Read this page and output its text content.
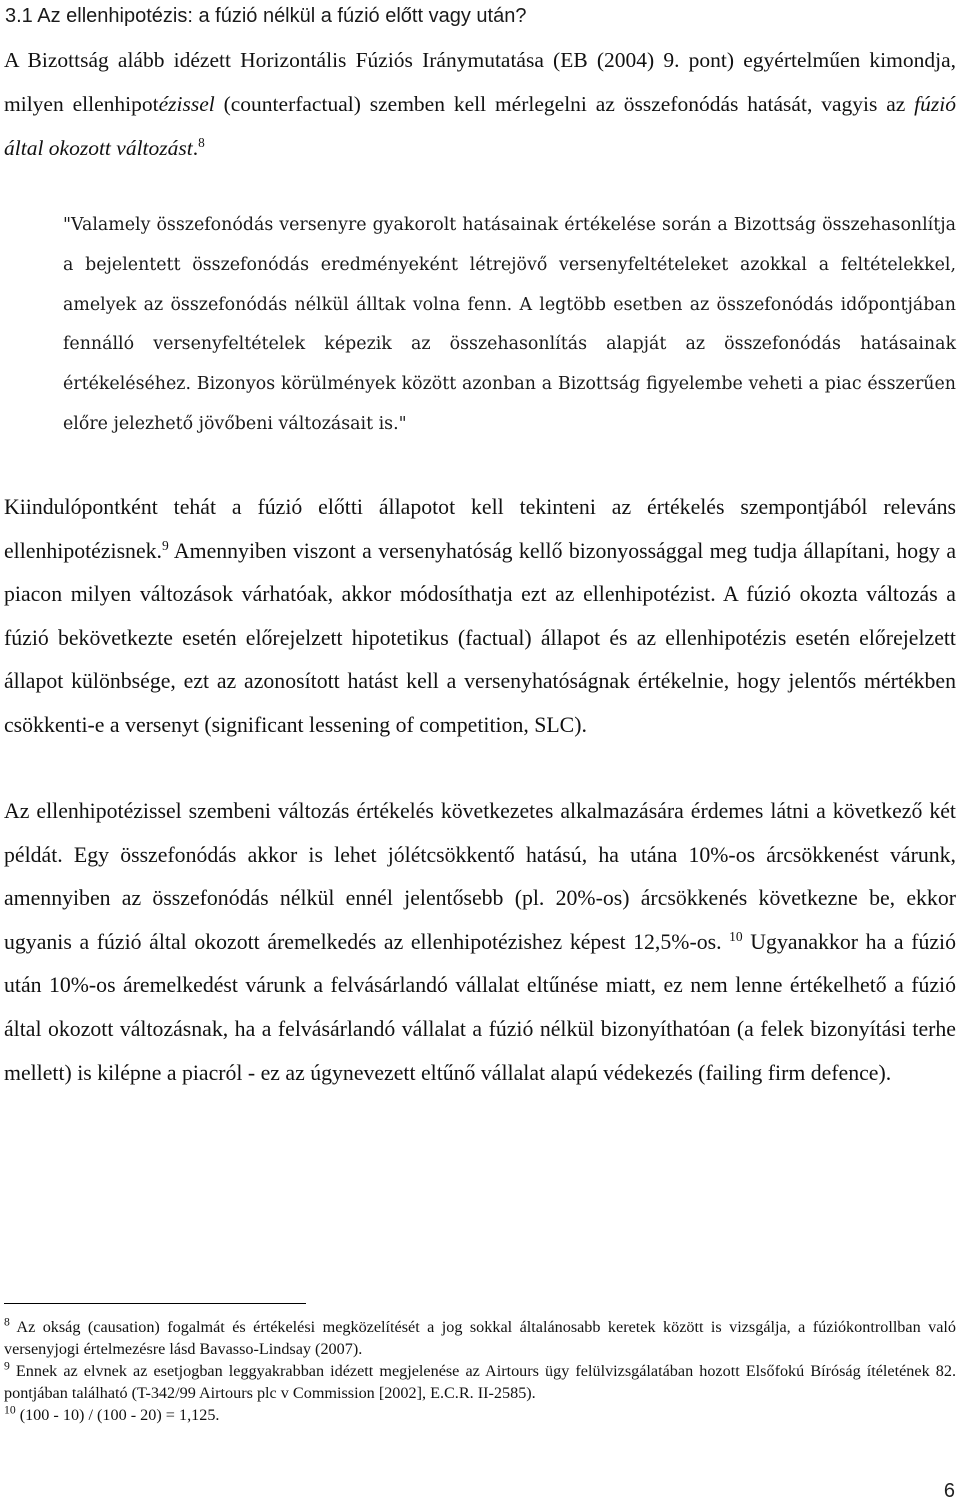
3.1 Az ellenhipotézis: a fúzió nélkül a fúzió előtt vagy után?

A Bizottság alább idézett Horizontális Fúziós Iránymutatása (EB (2004) 9. pont) egyértelműen kimondja, milyen ellenhipotézissel (counterfactual) szemben kell mérlegelni az összefonódás hatását, vagyis az fúzió által okozott változást.$^8$

"Valamely összefonódás versenyre gyakorolt hatásainak értékelése során a Bizottság összehasonlítja a bejelentett összefonódás eredményeként létrejövő versenyfeltételeket azokkal a feltételekkel, amelyek az összefonódás nélkül álltak volna fenn. A legtöbb esetben az összefonódás időpontjában fennálló versenyfeltételek képezik az összehasonlítás alapját az összefonódás hatásainak értékeléséhez. Bizonyos körülmények között azonban a Bizottság figyelembe veheti a piac ésszerűen előre jelezhető jövőbeni változásait is."

Kiindulópontként tehát a fúzió előtti állapotot kell tekinteni az értékelés szempontjából releváns ellenhipotézisnek.$^9$ Amennyiben viszont a versenyhatóság kellő bizonyossággal meg tudja állapítani, hogy a piacon milyen változások várhatóak, akkor módosíthatja ezt az ellenhipotézist. A fúzió okozta változás a fúzió bekövetkezte esetén előrejelzett hipotetikus (factual) állapot és az ellenhipotézis esetén előrejelzett állapot különbsége, ezt az azonosított hatást kell a versenyhatóságnak értékelnie, hogy jelentős mértékben csökkenti-e a versenyt (significant lessening of competition, SLC).

Az ellenhipotézissel szembeni változás értékelés következetes alkalmazására érdemes látni a következő két példát. Egy összefonódás akkor is lehet jólétcsökkentő hatású, ha utána 10%-os árcsökkenést várunk, amennyiben az összefonódás nélkül ennél jelentősebb (pl. 20%-os) árcsökkenés következne be, ekkor ugyanis a fúzió által okozott áremelkedés az ellenhipotézishez képest 12,5%-os. $^{10}$ Ugyanakkor ha a fúzió után 10%-os áremelkedést várunk a felvásárlandó vállalat eltűnése miatt, ez nem lenne értékelhető a fúzió által okozott változásnak, ha a felvásárlandó vállalat a fúzió nélkül bizonyíthatóan (a felek bizonyítási terhe mellett) is kilépne a piacról - ez az úgynevezett eltűnő vállalat alapú védekezés (failing firm defence).

$^8$ Az okság (causation) fogalmát és értékelési megközelítését a jog sokkal általánosabb keretek között is vizsgálja, a fúziókontrollban való versenyjogi értelmezésre lásd Bavasso-Lindsay (2007).

$^9$ Ennek az elvnek az esetjogban leggyakrabban idézett megjelenése az Airtours ügy felülvizsgálatában hozott Elsőfokú Bíróság ítéletének 82. pontjában található (T-342/99 Airtours plc v Commission [2002], E.C.R. II-2585).

$^{10}$ (100 - 10) / (100 - 20) = 1,125.

6
